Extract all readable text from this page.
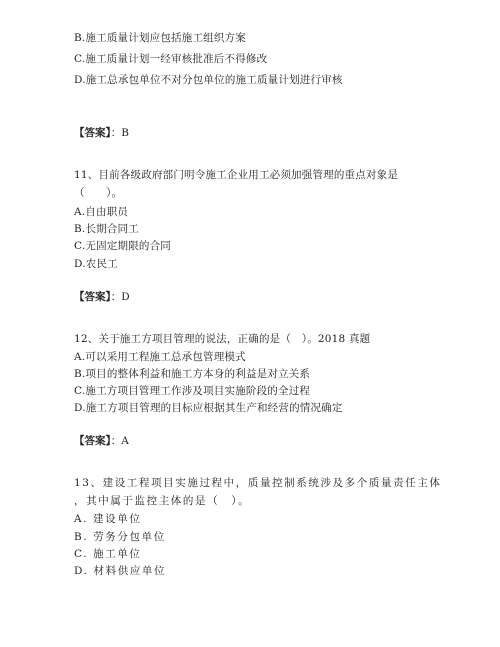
B.施工质量计划应包括施工组织方案
C.施工质量计划一经审核批准后不得修改
D.施工总承包单位不对分包单位的施工质量计划进行审核
【答案】：B
11、目前各级政府部门明令施工企业用工必须加强管理的重点对象是
（　　）。
A.自由职员
B.长期合同工
C.无固定期限的合同
D.农民工
【答案】：D
12、关于施工方项目管理的说法，正确的是（　）。2018 真题
A.可以采用工程施工总承包管理模式
B.项目的整体利益和施工方本身的利益是对立关系
C.施工方项目管理工作涉及项目实施阶段的全过程
D.施工方项目管理的目标应根据其生产和经营的情况确定
【答案】：A
13、建设工程项目实施过程中，质量控制系统涉及多个质量责任主体
，其中属于监控主体的是（　）。
A. 建设单位
B. 劳务分包单位
C. 施工单位
D. 材料供应单位
